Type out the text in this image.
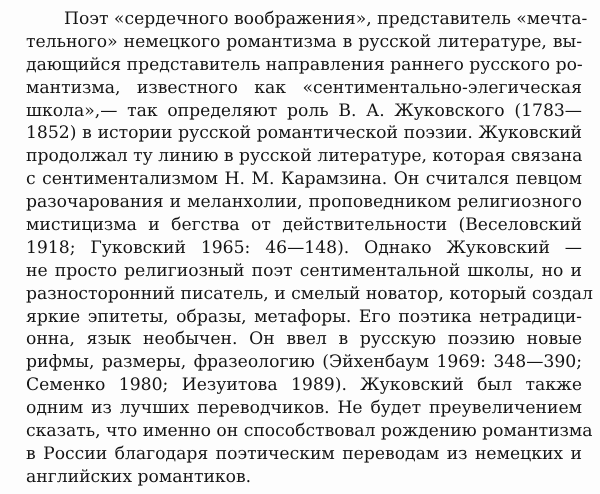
Поэт «сердечного воображения», представитель «мечта-
тельного» немецкого романтизма в русской литературе, вы-
дающийся представитель направления раннего русского ро-
мантизма, известного как «сентиментально-элегическая
школа»,— так определяют роль В. А. Жуковского (1783—
1852) в истории русской романтической поэзии. Жуковский
продолжал ту линию в русской литературе, которая связана
с сентиментализмом Н. М. Карамзина. Он считался певцом
разочарования и меланхолии, проповедником религиозного
мистицизма и бегства от действительности (Веселовский
1918; Гуковский 1965: 46—148). Однако Жуковский —
не просто религиозный поэт сентиментальной школы, но и
разносторонний писатель, и смелый новатор, который создал
яркие эпитеты, образы, метафоры. Его поэтика нетрадици-
онна, язык необычен. Он ввел в русскую поэзию новые
рифмы, размеры, фразеологию (Эйхенбаум 1969: 348—390;
Семенко 1980; Иезуитова 1989). Жуковский был также
одним из лучших переводчиков. Не будет преувеличением
сказать, что именно он способствовал рождению романтизма
в России благодаря поэтическим переводам из немецких и
английских романтиков.
